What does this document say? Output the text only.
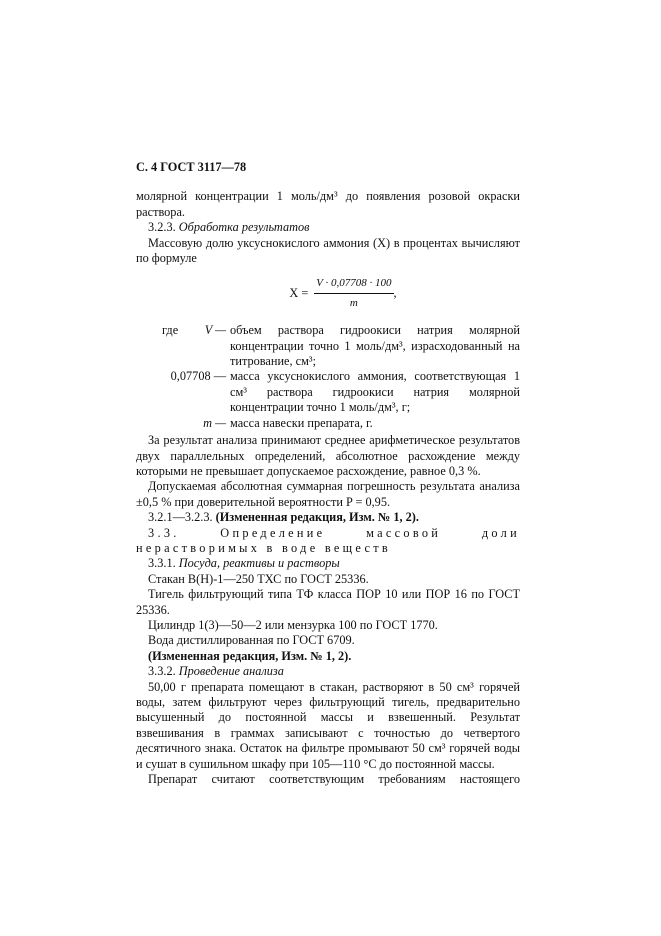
С. 4 ГОСТ 3117—78
молярной концентрации 1 моль/дм³ до появления розовой окраски раствора.
3.2.3. Обработка результатов
Массовую долю уксуснокислого аммония (X) в процентах вычисляют по формуле
$X = \frac{V \cdot 0,07708 \cdot 100}{m}$ ,
где V — объем раствора гидроокиси натрия молярной концентрации точно 1 моль/дм³, израсходованный на титрование, см³;
0,07708 — масса уксуснокислого аммония, соответствующая 1 см³ раствора гидроокиси натрия молярной концентрации точно 1 моль/дм³, г;
m — масса навески препарата, г.
За результат анализа принимают среднее арифметическое результатов двух параллельных определений, абсолютное расхождение между которыми не превышает допускаемое расхождение, равное 0,3 %.
Допускаемая абсолютная суммарная погрешность результата анализа ±0,5 % при доверительной вероятности P = 0,95.
3.2.1—3.2.3. (Измененная редакция, Изм. № 1, 2).
3.3. Определение массовой доли нерастворимых в воде веществ
3.3.1. Посуда, реактивы и растворы
Стакан В(Н)-1—250 ТХС по ГОСТ 25336.
Тигель фильтрующий типа ТФ класса ПОР 10 или ПОР 16 по ГОСТ 25336.
Цилиндр 1(3)—50—2 или мензурка 100 по ГОСТ 1770.
Вода дистиллированная по ГОСТ 6709.
(Измененная редакция, Изм. № 1, 2).
3.3.2. Проведение анализа
50,00 г препарата помещают в стакан, растворяют в 50 см³ горячей воды, затем фильтруют через фильтрующий тигель, предварительно высушенный до постоянной массы и взвешенный. Результат взвешивания в граммах записывают с точностью до четвертого десятичного знака. Остаток на фильтре промывают 50 см³ горячей воды и сушат в сушильном шкафу при 105—110 °С до постоянной массы.
Препарат считают соответствующим требованиям настоящего
